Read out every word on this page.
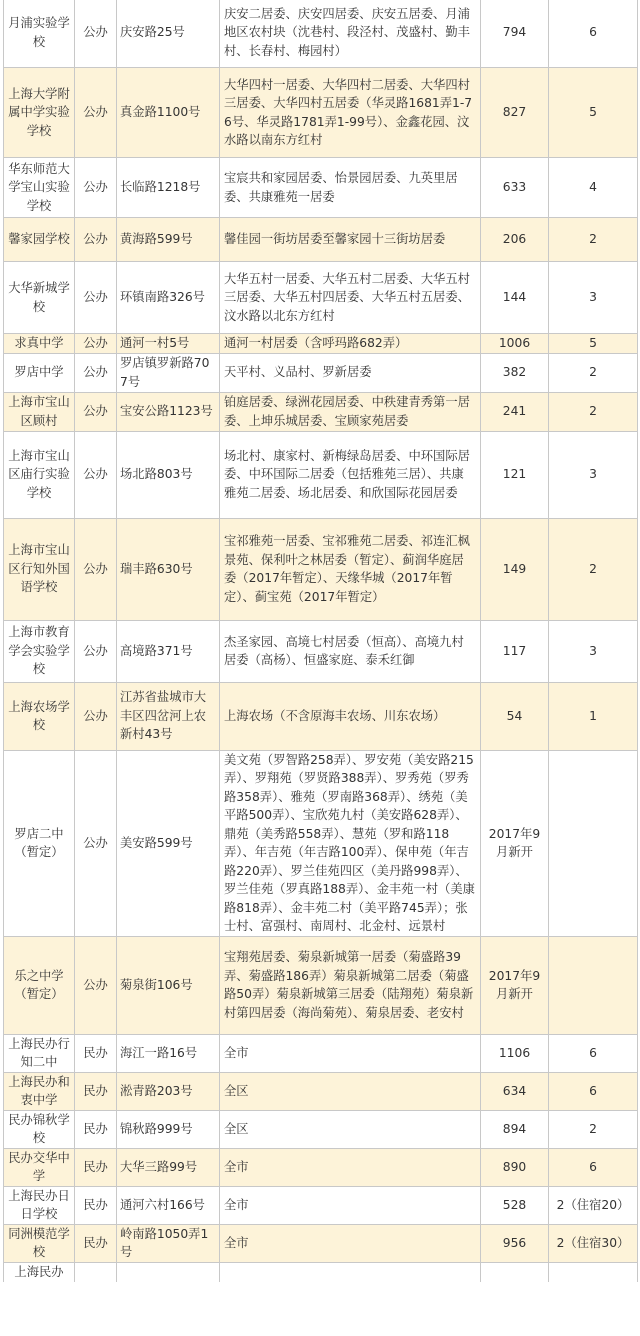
月浦实验学校	公办	庆安路25号	庆安二居委、庆安四居委、庆安五居委、月浦地区农村块（沈巷村、段泾村、茂盛村、勤丰村、长春村、梅园村）	794	6
上海大学附属中学实验学校	公办	真金路1100号	大华四村一居委、大华四村二居委、大华四村三居委、大华四村五居委（华灵路1681弄1-76号、华灵路1781弄1-99号）、金鑫花园、汶水路以南东方红村	827	5
华东师范大学宝山实验学校	公办	长临路1218号	宝宸共和家园居委、怡景园居委、九英里居委、共康雅苑一居委	633	4
馨家园学校	公办	黄海路599号	馨佳园一街坊居委至馨家园十三街坊居委	206	2
大华新城学校	公办	环镇南路326号	大华五村一居委、大华五村二居委、大华五村三居委、大华五村四居委、大华五村五居委、汶水路以北东方红村	144	3
求真中学	公办	通河一村5号	通河一村居委（含呼玛路682弄）	1006	5
罗店中学	公办	罗店镇罗新路707号	天平村、义品村、罗新居委	382	2
上海市宝山区顾村	公办	宝安公路1123号	铂庭居委、绿洲花园居委、中秩建青秀第一居委、上坤乐城居委、宝顾家苑居委	241	2
上海市宝山区庙行实验学校	公办	场北路803号	场北村、康家村、新梅绿岛居委、中环国际居委、中环国际二居委（包括雅苑三居）、共康雅苑二居委、场北居委、和欣国际花园居委	121	3
上海市宝山区行知外国语学校	公办	瑞丰路630号	宝祁雅苑一居委、宝祁雅苑二居委、祁连汇枫景苑、保利叶之林居委（暂定）、蓟润华庭居委（2017年暂定）、天缘华城（2017年暂定）、蓟宝苑（2017年暂定）	149	2
上海市教育学会实验学校	公办	高境路371号	杰圣家园、高境七村居委（恒高）、高境九村居委（高杨）、恒盛家庭、泰禾红御	117	3
上海农场学校	公办	江苏省盐城市大丰区四岔河上农新村43号	上海农场（不含原海丰农场、川东农场）	54	1
罗店二中（暂定）	公办	美安路599号	美文苑（罗智路258弄）、罗安苑（美安路215弄）、罗翔苑（罗贤路388弄）、罗秀苑（罗秀路358弄）、雅苑（罗南路368弄）、绣苑（美平路500弄）、宝欣苑九村（美安路628弄）、鼎苑（美秀路558弄）、慧苑（罗和路118弄）、年吉苑（年吉路100弄）、保申苑（年吉路220弄）、罗兰佳苑四区（美丹路998弄）、罗兰佳苑（罗真路188弄）、金丰苑一村（美康路818弄）、金丰苑二村（美平路745弄）；张士村、富强村、南周村、北金村、远景村	2017年9月新开	
乐之中学（暂定）	公办	菊泉街106号	宝翔苑居委、菊泉新城第一居委（菊盛路39弄、菊盛路186弄）菊泉新城第二居委（菊盛路50弄）菊泉新城第三居委（陆翔苑）菊泉新村第四居委（海尚菊苑）、菊泉居委、老安村	2017年9月新开	
上海民办行知二中	民办	海江一路16号	全市	1106	6
上海民办和衷中学	民办	淞青路203号	全区	634	6
民办锦秋学校	民办	锦秋路999号	全区	894	2
民办交华中学	民办	大华三路99号	全市	890	6
上海民办日日学校	民办	通河六村166号	全市	528	2（住宿20）
同洲模范学校	民办	岭南路1050弄1号	全市	956	2（住宿30）
上海民办					
